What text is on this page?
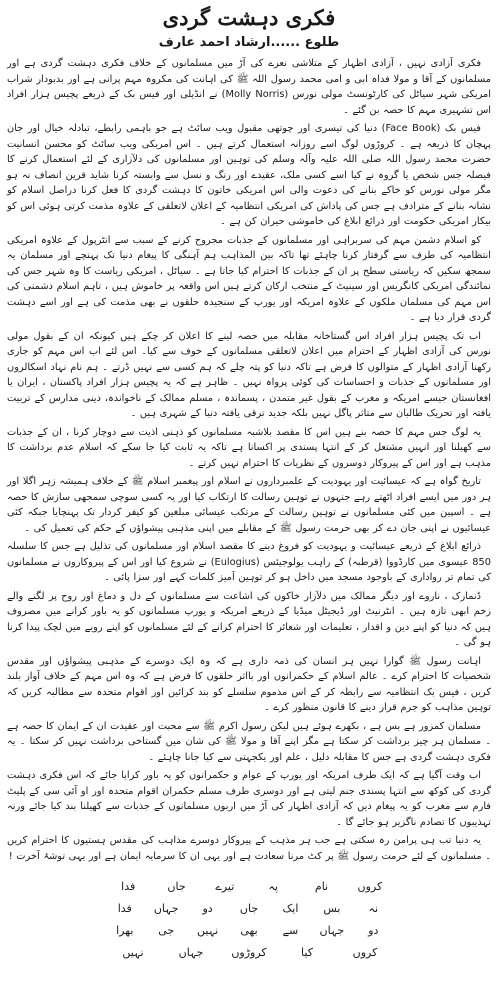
فکری دہشت گردی
طلوع ......ارشاد احمد عارف

فکری آزادی نہیں ، آزادی اظہار کے متلاشی نعرے کی آڑ میں مسلمانوں کے خلاف فکری دہشت گردی ہے اور مسلمانوں کے آقا و مولا فداہ ابی و امی محمد رسول اللہ ﷺ کی اہانت کی مکروہ مہم پرانی ہے اور بدبودار شراب امریکی شہر سیاٹل کی کارٹونسٹ مولی نورس (Molly Norris) نے انڈیلی اور فیس بک کے ذریعے پچیس ہزار افراد اس تشہیری مہم کا حصہ بن گئے ۔

فیس بک (Face Book) دنیا کی تیسری اور چوتھی مقبول ویب سائٹ ہے جو باہمی رابطے، تبادلہ خیال اور جان پہچان کا ذریعہ ہے ۔ کروڑوں لوگ اسے روزانہ استعمال کرتے ہیں ۔ اس امریکی ویب سائٹ کو محسن انسانیت حضرت محمد رسول اللہ صلی اللہ علیہ وآلہ وسلم کی توہین اور مسلمانوں کی دلآزاری کے لئے استعمال کرنے کا فیصلہ جس شخص یا گروہ نے کیا اسے کسی ملک، عقیدے اور رنگ و نسل سے وابستہ کرنا شاید قرین انصاف نہ ہو مگر مولی نورس کو خاکے بنانے کی دعوت والی اس امریکی خاتون کا دہشت گردی کا فعل کرنا دراصل اسلام کو نشانہ بنانے کے مترادف ہے جس کی پاداش کی امریکی انتظامیہ کے اعلان لاتعلقی کے علاوہ مذمت کرتی ہوئی اس کو بیکار امریکی حکومت اور ذرائع ابلاغ کی خاموشی حیران کن ہے ۔

کو اسلام دشمن مہم کی سربراہی اور مسلمانوں کے جذبات مجروح کرنے کے سبب سے انٹرپول کے علاوہ امریکی انتظامیہ کی طرف سے گرفتار کرنا چاہئے تھا تاکہ بین المذاہب ہم آہنگی کا پیغام دنیا تک پہنچے اور مسلمان یہ سمجھ سکیں کہ ریاستی سطح پر ان کے جذبات کا احترام کیا جاتا ہے ۔ سیاٹل ، امریکی ریاست کا وہ شہر جس کی نمائندگی امریکی کانگریس اور سینیٹ کے منتخب ارکان کرتے ہیں اس واقعہ پر خاموش ہیں ، تاہم اسلام دشمنی کی اس مہم کی مسلمان ملکوں کے علاوہ امریکہ اور یورپ کے سنجیدہ حلقوں نے بھی مذمت کی ہے اور اسے دہشت گردی قرار دیا ہے ۔

اب تک پچیس ہزار افراد اس گستاخانہ مقابلہ میں حصہ لینے کا اعلان کر چکے ہیں کیونکہ ان کے بقول مولی نورس کی آزادی اظہار کے احترام میں اعلان لاتعلقی مسلمانوں کے خوف سے کیا۔ اس لئے اب اس مہم کو جاری رکھنا آزادی اظہار کے متوالوں کا فرض ہے تاکہ دنیا کو پتہ چلے کہ ہم کسی سے نہیں ڈرتے ۔ ہم نام نہاد اسکالروں اور مسلمانوں کے جذبات و احساسات کی کوئی پرواہ نہیں ۔ ظاہر ہے کہ یہ پچیس ہزار افراد پاکستان ، ایران یا افغانستان جیسے امریکہ و مغرب کے بقول غیر متمدن ، پسماندہ ، مسلم ممالک کے ناخواندہ، دینی مدارس کے تربیت یافتہ اور تحریک طالبان سے متاثر پاگل نہیں بلکہ جدید ترقی یافتہ دنیا کے شہری ہیں ۔

یہ لوگ جس مہم کا حصہ بنے ہیں اس کا مقصد بلاشبہ مسلمانوں کو ذہنی اذیت سے دوچار کرنا ، ان کے جذبات سے کھیلنا اور انہیں مشتعل کر کے انتہا پسندی پر اکسانا ہے تاکہ یہ ثابت کیا جا سکے کہ اسلام عدم برداشت کا مذہب ہے اور اس کے پیروکار دوسروں کے نظریات کا احترام نہیں کرتے ۔

تاریخ گواہ ہے کہ عیسائیت اور یہودیت کے علمبرداروں نے اسلام اور پیغمبر اسلام ﷺ کے خلاف ہمیشہ زہر اگلا اور ہر دور میں ایسے افراد اٹھتے رہے جنہوں نے توہین رسالت کا ارتکاب کیا اور یہ کسی سوچی سمجھی سازش کا حصہ ہے ۔ اسپین میں کئی مسلمانوں نے توہین رسالت کے مرتکب عیسائی مبلغین کو کیفر کردار تک پہنچایا جبکہ کئی عیسائیوں نے اپنی جان دے کر بھی حرمت رسول ﷺ کے مقابلے میں اپنی مذہبی پیشواؤں کے حکم کی تعمیل کی ۔

ذرائع ابلاغ کے ذریعے عیسائیت و یہودیت کو فروغ دینے کا مقصد اسلام اور مسلمانوں کی تذلیل ہے جس کا سلسلہ 850 عیسوی میں کارڈووا (قرطبہ) کے راہب یولوجیئس (Eulogius) نے شروع کیا اور اس کے پیروکاروں نے مسلمانوں کی تمام تر رواداری کے باوجود مسجد میں داخل ہو کر توہین آمیز کلمات کہے اور سزا پائی ۔

ڈنمارک ، ناروے اور دیگر ممالک میں دلآزار خاکوں کی اشاعت سے مسلمانوں کے دل و دماغ اور روح پر لگنے والے زخم ابھی تازہ ہیں ۔ انٹرنیٹ اور ڈیجیٹل میڈیا کے ذریعے امریکہ و یورپ مسلمانوں کو یہ باور کرانے میں مصروف ہیں کہ دنیا کو اپنے دین و اقدار ، تعلیمات اور شعائر کا احترام کرانے کے لئے مسلمانوں کو اپنے رویے میں لچک پیدا کرنا ہو گی ۔

اہانت رسول ﷺ گوارا نہیں ہر انسان کی ذمہ داری ہے کہ وہ ایک دوسرے کے مذہبی پیشواؤں اور مقدس شخصیات کا احترام کرے ۔ عالم اسلام کے حکمرانوں اور بااثر حلقوں کا فرض ہے کہ وہ اس مہم کے خلاف آواز بلند کریں ، فیس بک انتظامیہ سے رابطہ کر کے اس مذموم سلسلے کو بند کرائیں اور اقوام متحدہ سے مطالبہ کریں کہ توہین مذاہب کو جرم قرار دینے کا قانون منظور کرے ۔

مسلمان کمزور ہے بس ہے ، بکھرے ہوئے ہیں لیکن رسول اکرم ﷺ سے محبت اور عقیدت ان کے ایمان کا حصہ ہے ۔ مسلمان ہر چیز برداشت کر سکتا ہے مگر اپنے آقا و مولا ﷺ کی شان میں گستاخی برداشت نہیں کر سکتا ۔ یہ فکری دہشت گردی ہے جس کا مقابلہ دلیل ، علم اور یکجہتی سے کیا جانا چاہئے ۔

اب وقت آگیا ہے کہ ایک طرف امریکہ اور یورپ کے عوام و حکمرانوں کو یہ باور کرایا جائے کہ اس فکری دہشت گردی کی کوکھ سے انتہا پسندی جنم لیتی ہے اور دوسری طرف مسلم حکمران اقوام متحدہ اور او آئی سی کے پلیٹ فارم سے مغرب کو یہ پیغام دیں کہ آزادی اظہار کی آڑ میں اربوں مسلمانوں کے جذبات سے کھیلنا بند کیا جائے ورنہ تہذیبوں کا تصادم ناگزیر ہو جائے گا ۔

یہ دنیا تب ہی پرامن رہ سکتی ہے جب ہر مذہب کے پیروکار دوسرے مذاہب کی مقدس ہستیوں کا احترام کریں ۔ مسلمانوں کے لئے حرمت رسول ﷺ پر کٹ مرنا سعادت ہے اور یہی ان کا سرمایہ ایمان ہے اور یہی توشۂ آخرت !

کروں
نام
پہ
تیرے
جاں
فدا
نہ
بس
ایک
جاں
دو
جہاں
فدا
دو
جہاں
سے
بھی
نہیں
جی
بھرا
کروں
کیا
کروڑوں
جہاں
نہیں
